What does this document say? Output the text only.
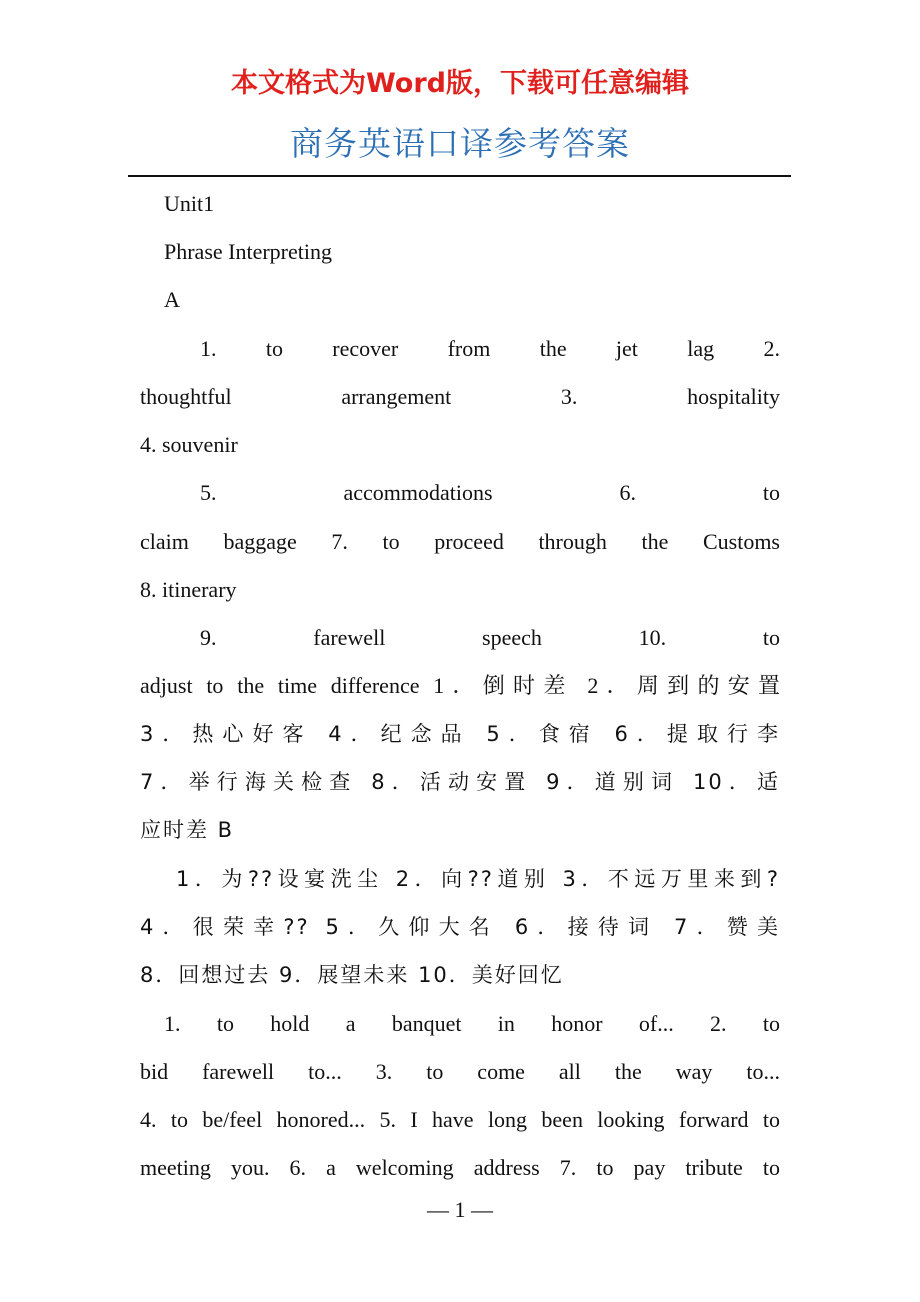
本文格式为Word版，下载可任意编辑
商务英语口译参考答案
Unit1
Phrase Interpreting
A
1. to recover from the jet lag 2.
thoughtful arrangement 3. hospitality
4. souvenir
5. accommodations 6. to
claim baggage 7. to proceed through the Customs
8. itinerary
9. farewell speech 10. to
adjust to the time difference 1．倒时差 2．周到的安置
3．热心好客 4．纪念品 5．食宿 6．提取行李
7．举行海关检查 8．活动安置 9．道别词 10．适
应时差 B
1．为??设宴洗尘 2．向??道别 3．不远万里来到?
4．很荣幸?? 5．久仰大名 6．接待词 7．赞美
8．回想过去 9．展望未来 10．美好回忆
1. to hold a banquet in honor of... 2. to
bid farewell to... 3. to come all the way to...
4. to be/feel honored... 5. I have long been looking forward to
meeting you. 6. a welcoming address 7. to pay tribute to
— 1 —
